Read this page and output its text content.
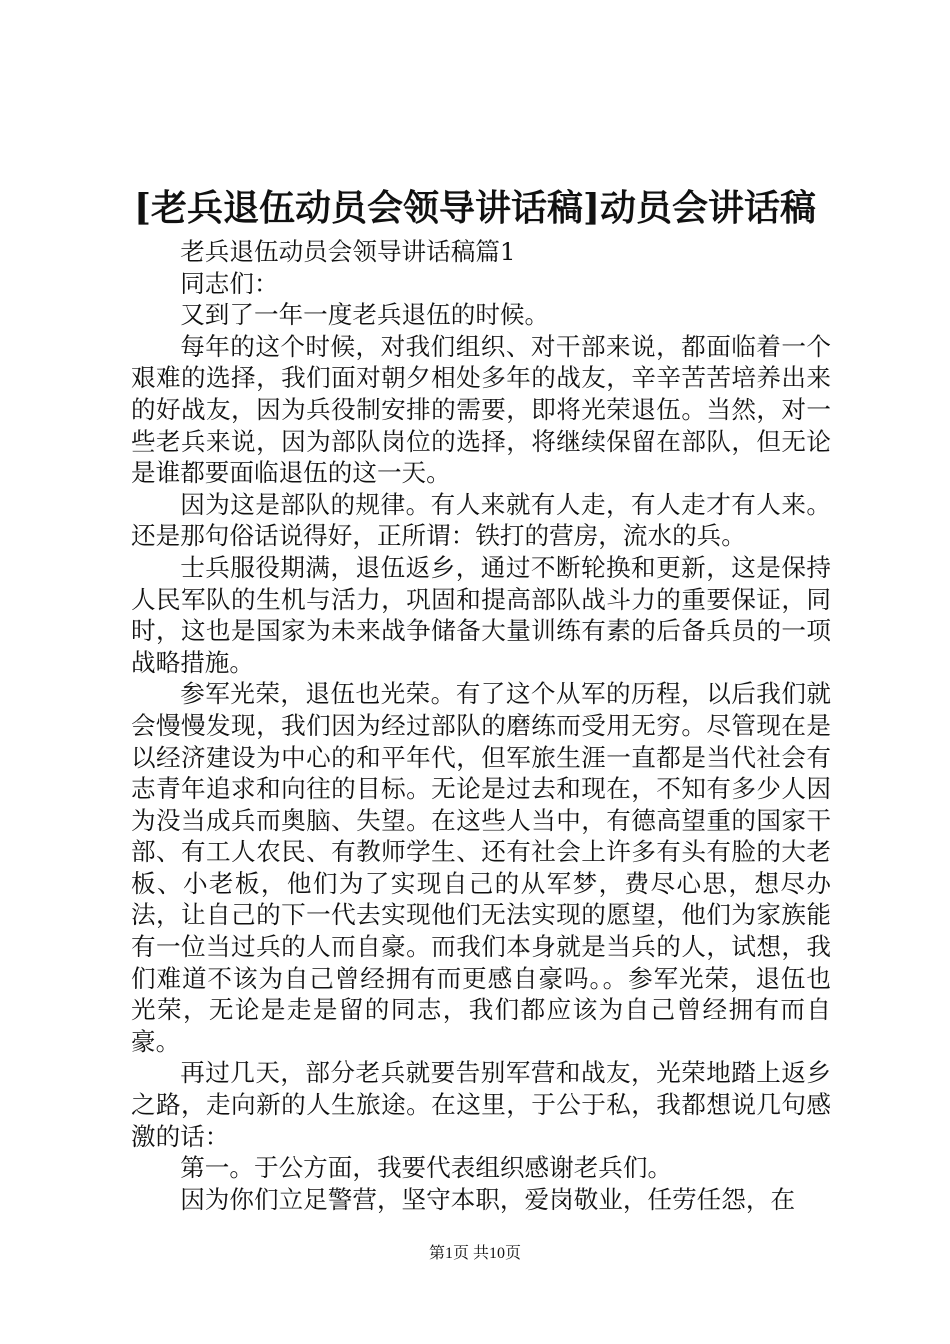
[老兵退伍动员会领导讲话稿]动员会讲话稿

老兵退伍动员会领导讲话稿篇1

同志们：

又到了一年一度老兵退伍的时候。

每年的这个时候，对我们组织、对干部来说，都面临着一个艰难的选择，我们面对朝夕相处多年的战友，辛辛苦苦培养出来的好战友，因为兵役制安排的需要，即将光荣退伍。当然，对一些老兵来说，因为部队岗位的选择，将继续保留在部队，但无论是谁都要面临退伍的这一天。

因为这是部队的规律。有人来就有人走，有人走才有人来。还是那句俗话说得好，正所谓：铁打的营房，流水的兵。

士兵服役期满，退伍返乡，通过不断轮换和更新，这是保持人民军队的生机与活力，巩固和提高部队战斗力的重要保证，同时，这也是国家为未来战争储备大量训练有素的后备兵员的一项战略措施。

参军光荣，退伍也光荣。有了这个从军的历程，以后我们就会慢慢发现，我们因为经过部队的磨练而受用无穷。尽管现在是以经济建设为中心的和平年代，但军旅生涯一直都是当代社会有志青年追求和向往的目标。无论是过去和现在，不知有多少人因为没当成兵而奥脑、失望。在这些人当中，有德高望重的国家干部、有工人农民、有教师学生、还有社会上许多有头有脸的大老板、小老板，他们为了实现自己的从军梦，费尽心思，想尽办法，让自己的下一代去实现他们无法实现的愿望，他们为家族能有一位当过兵的人而自豪。而我们本身就是当兵的人，试想，我们难道不该为自己曾经拥有而更感自豪吗。。参军光荣，退伍也光荣，无论是走是留的同志，我们都应该为自己曾经拥有而自豪。

再过几天，部分老兵就要告别军营和战友，光荣地踏上返乡之路，走向新的人生旅途。在这里，于公于私，我都想说几句感激的话：

第一。于公方面，我要代表组织感谢老兵们。

因为你们立足警营，坚守本职，爱岗敬业，任劳任怨，在

第1页 共10页
